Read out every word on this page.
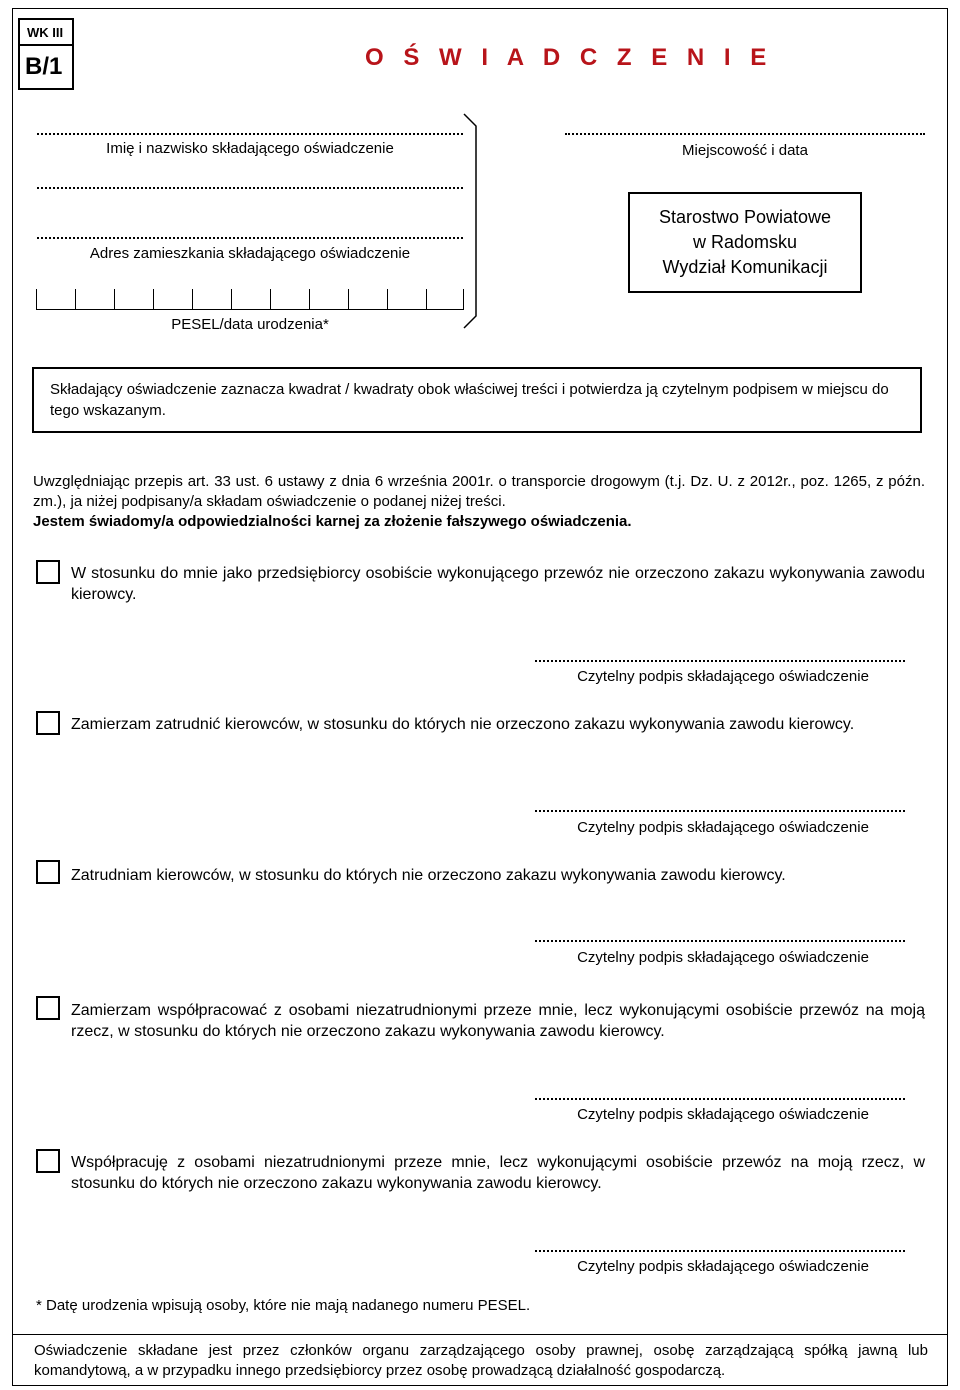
WK III
B/1	O Ś W I A D C Z E N I E
Imię i nazwisko składającego oświadczenie
Adres zamieszkania składającego oświadczenie
PESEL/data urodzenia*
Miejscowość i data
Starostwo Powiatowe
w Radomsku
Wydział Komunikacji
Składający oświadczenie zaznacza kwadrat / kwadraty obok właściwej treści i potwierdza ją czytelnym podpisem w miejscu do tego wskazanym.
Uwzględniając przepis art. 33 ust. 6 ustawy z dnia 6 września 2001r. o transporcie drogowym (t.j. Dz. U. z 2012r., poz. 1265, z późn. zm.), ja niżej podpisany/a składam oświadczenie o podanej niżej treści.
Jestem świadomy/a odpowiedzialności karnej za złożenie fałszywego oświadczenia.
W stosunku do mnie jako przedsiębiorcy osobiście wykonującego przewóz nie orzeczono zakazu wykonywania zawodu kierowcy.
Czytelny podpis składającego oświadczenie
Zamierzam zatrudnić kierowców, w stosunku do których nie orzeczono zakazu wykonywania zawodu kierowcy.
Czytelny podpis składającego oświadczenie
Zatrudniam kierowców, w stosunku do których nie orzeczono zakazu wykonywania zawodu kierowcy.
Czytelny podpis składającego oświadczenie
Zamierzam współpracować z osobami niezatrudnionymi przeze mnie, lecz wykonującymi osobiście przewóz na moją rzecz, w stosunku do których nie orzeczono zakazu wykonywania zawodu kierowcy.
Czytelny podpis składającego oświadczenie
Współpracuję z osobami niezatrudnionymi przeze mnie, lecz wykonującymi osobiście przewóz na moją rzecz, w stosunku do których nie orzeczono zakazu wykonywania zawodu kierowcy.
Czytelny podpis składającego oświadczenie
* Datę urodzenia wpisują osoby, które nie mają nadanego numeru PESEL.
Oświadczenie składane jest przez członków organu zarządzającego osoby prawnej, osobę zarządzającą spółką jawną lub komandytową, a w przypadku innego przedsiębiorcy przez osobę prowadzącą działalność gospodarczą.
